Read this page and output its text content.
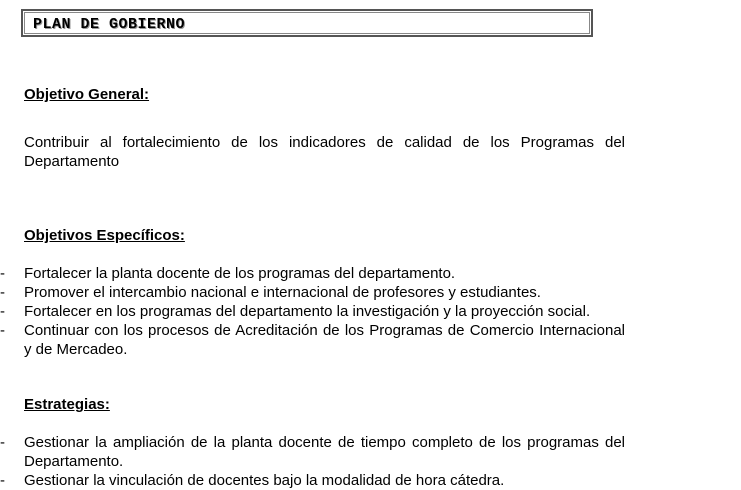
PLAN DE GOBIERNO
Objetivo General:

Contribuir al fortalecimiento de los indicadores de calidad de los Programas del Departamento

Objetivos Específicos:
- Fortalecer la planta docente de los programas del departamento.
- Promover el intercambio nacional e internacional de profesores y estudiantes.
- Fortalecer en los programas del departamento la investigación y la proyección social.
- Continuar con los procesos de Acreditación de los Programas de Comercio Internacional y de Mercadeo.
Estrategias:
- Gestionar la ampliación de la planta docente de tiempo completo de los programas del Departamento.
- Gestionar la vinculación de docentes bajo la modalidad de hora cátedra.
